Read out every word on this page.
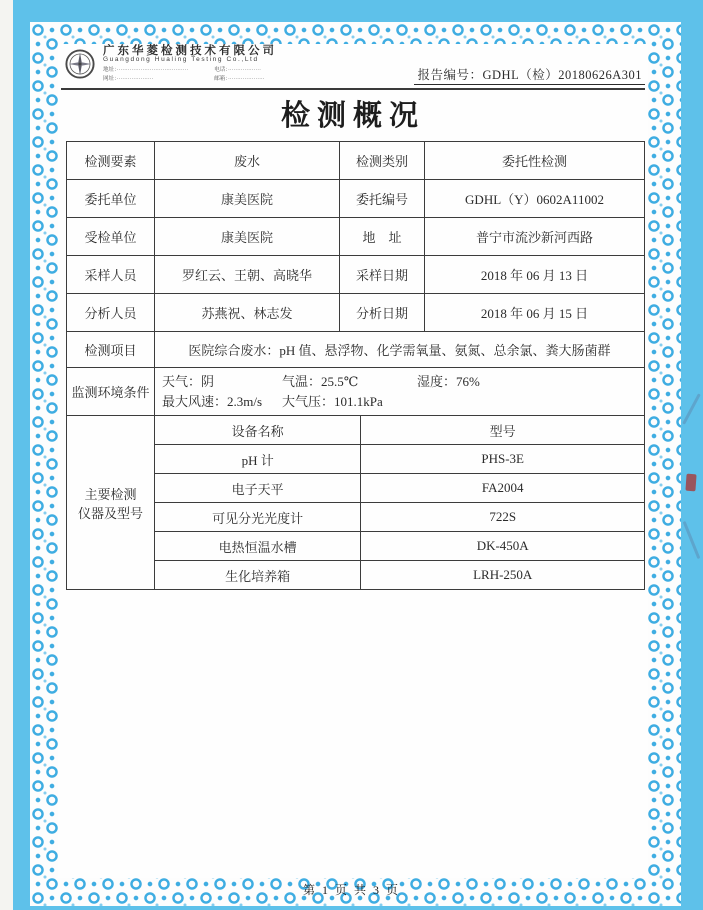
广东华菱检测技术有限公司
Guangdong Hualing Testing Co.,Ltd
地址：·······································
网址：····················
电话：··················
邮箱：····················	报告编号：GDHL（检）20180626A301
检测概况
检测要素	废水	检测类别	委托性检测
委托单位	康美医院	委托编号	GDHL（Y）0602A11002
受检单位	康美医院	地　址	普宁市流沙新河西路
采样人员	罗红云、王朝、高晓华	采样日期	2018 年 06 月 13 日
分析人员	苏燕祝、林志发	分析日期	2018 年 06 月 15 日
检测项目	医院综合废水：pH 值、悬浮物、化学需氧量、氨氮、总余氯、粪大肠菌群
监测环境条件	
天气：阴	气温：25.5℃	湿度：76%
最大风速：2.3m/s	大气压：101.1kPa

主要检测
仪器及型号

设备名称	型号
pH 计	PHS-3E
电子天平	FA2004
可见分光光度计	722S
电热恒温水槽	DK-450A
生化培养箱	LRH-250A
第 1 页 共 3 页
